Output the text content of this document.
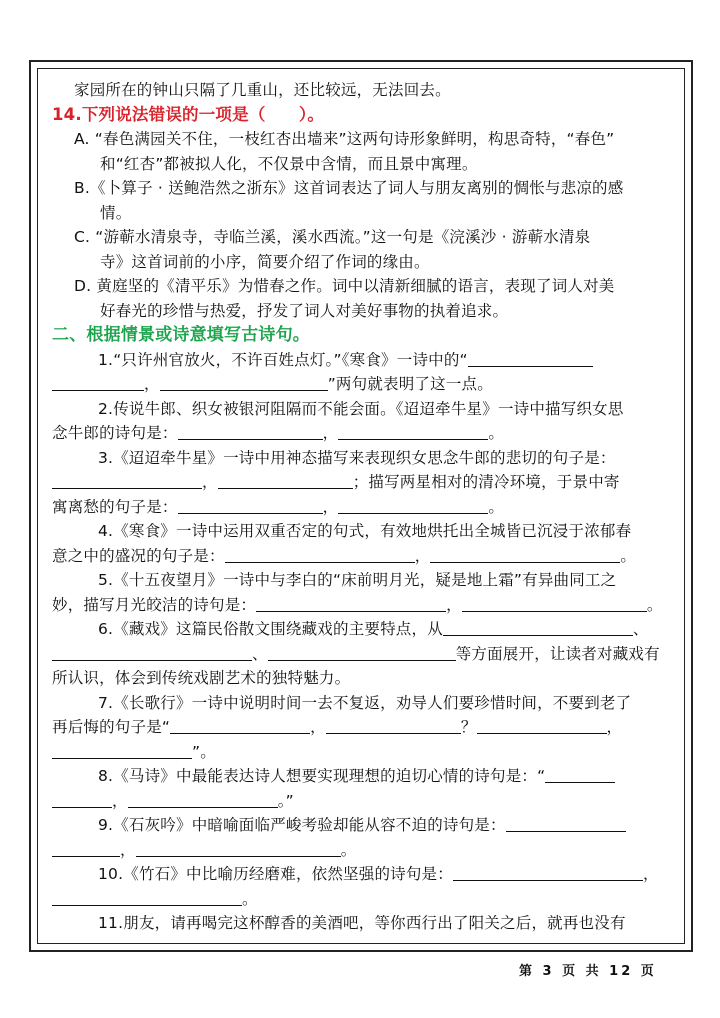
家园所在的钟山只隔了几重山，还比较远，无法回去。
14.下列说法错误的一项是（　　）。
A. “春色满园关不住，一枝红杏出墙来”这两句诗形象鲜明，构思奇特，“春色”
和“红杏”都被拟人化，不仅景中含情，而且景中寓理。
B.《卜算子 · 送鲍浩然之浙东》这首词表达了词人与朋友离别的惆怅与悲凉的感
情。
C. “游蕲水清泉寺，寺临兰溪，溪水西流。”这一句是《浣溪沙 · 游蕲水清泉
寺》这首词前的小序，简要介绍了作词的缘由。
D. 黄庭坚的《清平乐》为惜春之作。词中以清新细腻的语言，表现了词人对美
好春光的珍惜与热爱，抒发了词人对美好事物的执着追求。
二、根据情景或诗意填写古诗句。
1.“只许州官放火，不许百姓点灯。”《寒食》一诗中的“
，	”两句就表明了这一点。
2.传说牛郎、织女被银河阻隔而不能会面。《迢迢牵牛星》一诗中描写织女思
念牛郎的诗句是：	，	。
3.《迢迢牵牛星》一诗中用神态描写来表现织女思念牛郎的悲切的句子是：
，	；描写两星相对的清冷环境，于景中寄
寓离愁的句子是：	，	。
4.《寒食》一诗中运用双重否定的句式，有效地烘托出全城皆已沉浸于浓郁春
意之中的盛况的句子是：	，	。
5.《十五夜望月》一诗中与李白的“床前明月光，疑是地上霜”有异曲同工之
妙，描写月光皎洁的诗句是：	，	。
6.《藏戏》这篇民俗散文围绕藏戏的主要特点，从	、
、	等方面展开，让读者对藏戏有
所认识，体会到传统戏剧艺术的独特魅力。
7.《长歌行》一诗中说明时间一去不复返，劝导人们要珍惜时间，不要到老了
再后悔的句子是“	，	？	，
”。
8.《马诗》中最能表达诗人想要实现理想的迫切心情的诗句是：“
，	。”
9.《石灰吟》中暗喻面临严峻考验却能从容不迫的诗句是：
，	。
10.《竹石》中比喻历经磨难，依然坚强的诗句是：	，
。
11.朋友，请再喝完这杯醇香的美酒吧，等你西行出了阳关之后，就再也没有
第 3 页 共 12 页
